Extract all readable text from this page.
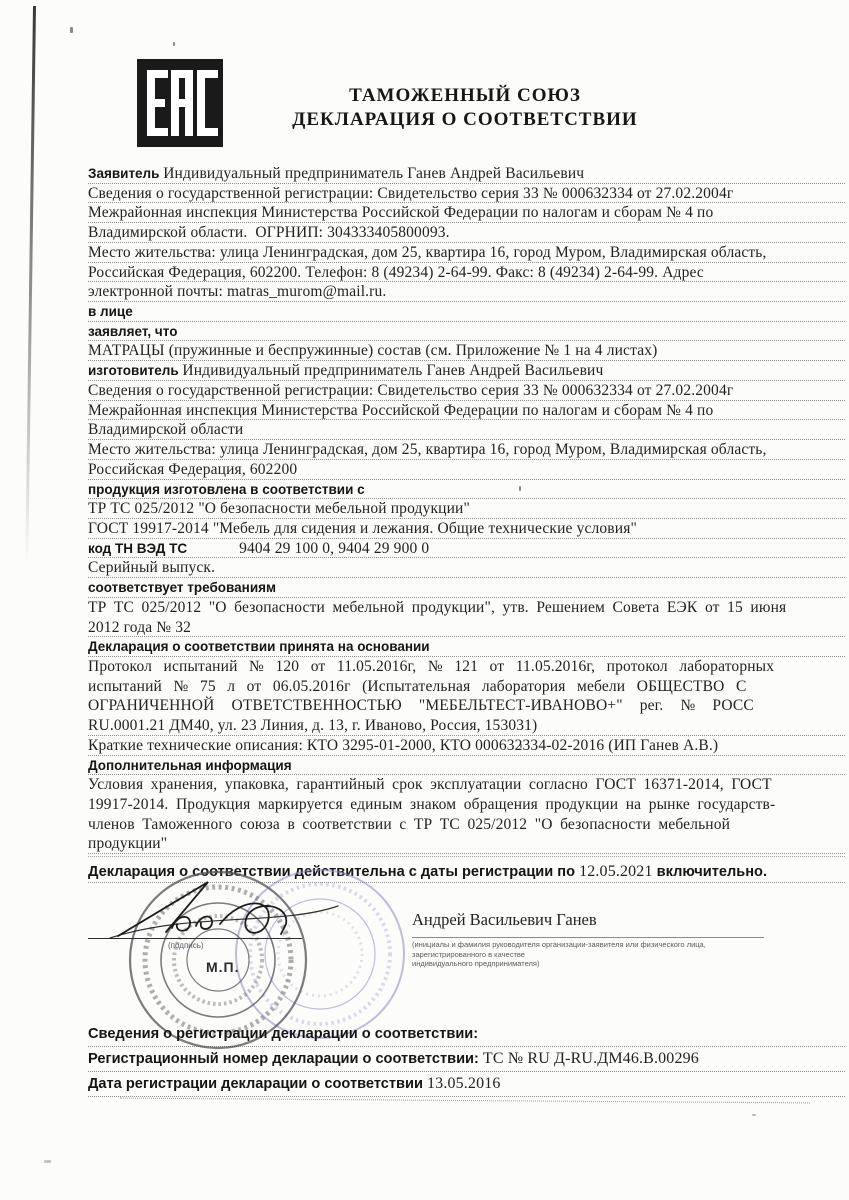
ТАМОЖЕННЫЙ СОЮЗ
ДЕКЛАРАЦИЯ О СООТВЕТСТВИИ
Заявитель Индивидуальный предприниматель Ганев Андрей Васильевич
Сведения о государственной регистрации: Свидетельство серия 33 № 000632334 от 27.02.2004г
Межрайонная инспекция Министерства Российской Федерации по налогам и сборам № 4 по
Владимирской области.  ОГРНИП: 304333405800093.
Место жительства: улица Ленинградская, дом 25, квартира 16, город Муром, Владимирская область,
Российская Федерация, 602200. Телефон: 8 (49234) 2-64-99. Факс: 8 (49234) 2-64-99. Адрес
электронной почты: matras_murom@mail.ru.
в лице
заявляет, что
МАТРАЦЫ (пружинные и беспружинные) состав (см. Приложение № 1 на 4 листах)
изготовитель Индивидуальный предприниматель Ганев Андрей Васильевич
Сведения о государственной регистрации: Свидетельство серия 33 № 000632334 от 27.02.2004г
Межрайонная инспекция Министерства Российской Федерации по налогам и сборам № 4 по
Владимирской области
Место жительства: улица Ленинградская, дом 25, квартира 16, город Муром, Владимирская область,
Российская Федерация, 602200
продукция изготовлена в соответствии с
ТР ТС 025/2012 "О безопасности мебельной продукции"
ГОСТ 19917-2014 "Мебель для сидения и лежания. Общие технические условия"
код ТН ВЭД ТС	9404 29 100 0, 9404 29 900 0
Серийный выпуск.
соответствует требованиям
ТР ТС 025/2012 "О безопасности мебельной продукции", утв. Решением Совета ЕЭК от 15 июня
2012 года № 32
Декларация о соответствии принята на основании
Протокол испытаний № 120 от 11.05.2016г, № 121 от 11.05.2016г, протокол лабораторных
испытаний № 75 л от 06.05.2016г (Испытательная лаборатория мебели ОБЩЕСТВО С
ОГРАНИЧЕННОЙ ОТВЕТСТВЕННОСТЬЮ "МЕБЕЛЬТЕСТ-ИВАНОВО+" рег. № РОСС
RU.0001.21 ДМ40, ул. 23 Линия, д. 13, г. Иваново, Россия, 153031)
Краткие технические описания: КТО 3295-01-2000, КТО 000632334-02-2016 (ИП Ганев А.В.)
Дополнительная информация
Условия хранения, упаковка, гарантийный срок эксплуатации согласно ГОСТ 16371-2014, ГОСТ
19917-2014. Продукция маркируется единым знаком обращения продукции на рынке государств-
членов Таможенного союза в соответствии с ТР ТС 025/2012 "О безопасности мебельной
продукции"
Декларация о соответствии действительна с даты регистрации по 12.05.2021 включительно.
(подпись)
М.П.
Андрей Васильевич Ганев
(инициалы и фамилия руководителя организации-заявителя или физического лица, зарегистрированного в качестве
индивидуального предпринимателя)
Сведения о регистрации декларации о соответствии:
Регистрационный номер декларации о соответствии: ТС № RU Д-RU.ДМ46.В.00296
Дата регистрации декларации о соответствии 13.05.2016
